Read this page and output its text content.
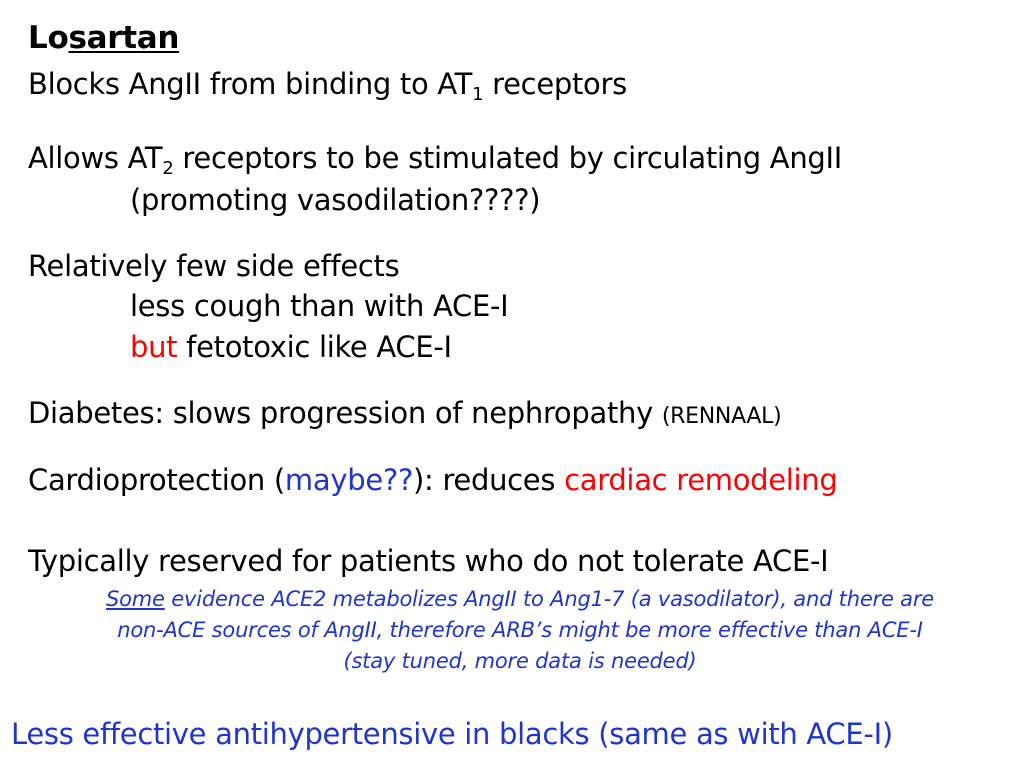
Losartan
Blocks AngII from binding to $AT_1$ receptors
Allows $AT_2$ receptors to be stimulated by circulating AngII
(promoting vasodilation????)
Relatively few side effects
less cough than with ACE-I
but fetotoxic like ACE-I
Diabetes: slows progression of nephropathy (RENNAAL)
Cardioprotection (maybe??): reduces cardiac remodeling
Typically reserved for patients who do not tolerate ACE-I
Some evidence ACE2 metabolizes AngII to Ang1-7 (a vasodilator), and there are
non-ACE sources of AngII, therefore ARB’s might be more effective than ACE-I
(stay tuned, more data is needed)
Less effective antihypertensive in blacks (same as with ACE-I)
